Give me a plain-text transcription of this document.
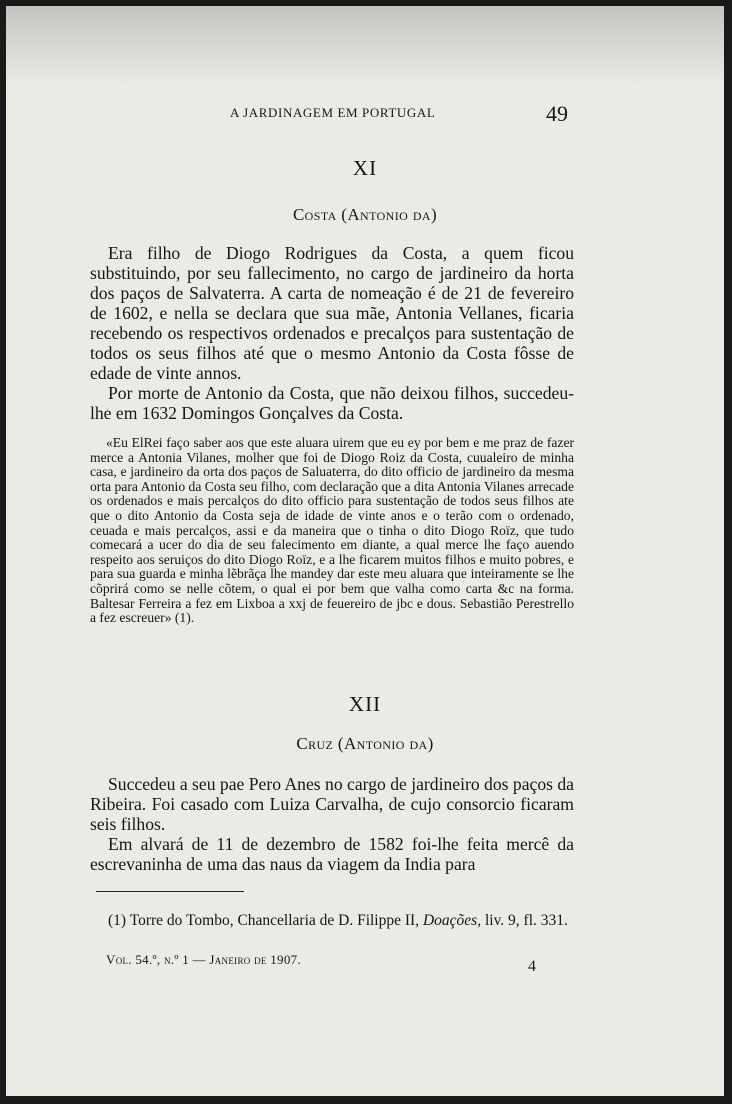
A JARDINAGEM EM PORTUGAL	49
XI
Costa (Antonio da)

Era filho de Diogo Rodrigues da Costa, a quem ficou substituindo, por seu fallecimento, no cargo de jardineiro da horta dos paços de Salvaterra. A carta de nomeação é de 21 de fevereiro de 1602, e nella se declara que sua mãe, Antonia Vellanes, ficaria recebendo os respectivos ordenados e precalços para sustentação de todos os seus filhos até que o mesmo Antonio da Costa fôsse de edade de vinte annos.

Por morte de Antonio da Costa, que não deixou filhos, succedeu-lhe em 1632 Domingos Gonçalves da Costa.

«Eu ElRei faço saber aos que este aluara uirem que eu ey por bem e me praz de fazer merce a Antonia Vilanes, molher que foi de Diogo Roiz da Costa, cuualeiro de minha casa, e jardineiro da orta dos paços de Saluaterra, do dito officio de jardineiro da mesma orta para Antonio da Costa seu filho, com declaração que a dita Antonia Vilanes arrecade os ordenados e mais percalços do dito officio para sustentação de todos seus filhos ate que o dito Antonio da Costa seja de idade de vinte anos e o terão com o ordenado, ceuada e mais percalços, assi e da maneira que o tinha o dito Diogo Roïz, que tudo comecará a ucer do dia de seu falecimento em diante, a qual merce lhe faço auendo respeito aos seruiços do dito Diogo Roïz, e a lhe ficarem muitos filhos e muito pobres, e para sua guarda e minha lẽbrãça lhe mandey dar este meu aluara que inteiramente se lhe cõprirá como se nelle cõtem, o qual ei por bem que valha como carta &c na forma. Baltesar Ferreira a fez em Lixboa a xxj de feuereiro de jbc e dous. Sebastião Perestrello a fez escreuer» (1).

XII
Cruz (Antonio da)

Succedeu a seu pae Pero Anes no cargo de jardineiro dos paços da Ribeira. Foi casado com Luiza Carvalha, de cujo consorcio ficaram seis filhos.

Em alvará de 11 de dezembro de 1582 foi-lhe feita mercê da escrevaninha de uma das naus da viagem da India para

(1) Torre do Tombo, Chancellaria de D. Filippe II, Doações, liv. 9, fl. 331.

Vol. 54.º, n.º 1 — Janeiro de 1907.	4
